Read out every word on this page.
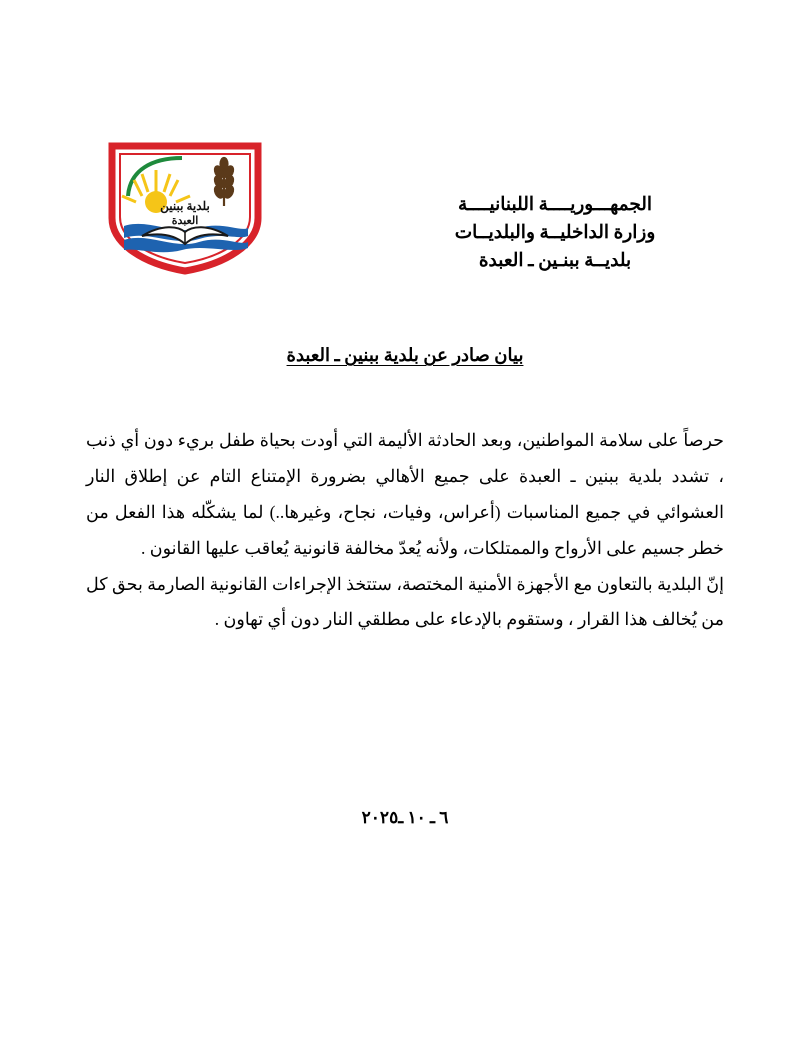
بلدية ببنين
العبدة
الجمهـــوريــــة اللبنانيــــة
وزارة الداخليــة والبلديــات
بلديــة ببنـين ـ العبدة
بيان صادر عن بلدية ببنين ـ العبدة

حرصاً على سلامة المواطنين، وبعد الحادثة الأليمة التي أودت بحياة طفل بريء دون أي ذنب ، تشدد بلدية ببنين ـ العبدة على جميع الأهالي بضرورة الإمتناع التام عن إطلاق النار العشوائي في جميع المناسبات (أعراس، وفيات، نجاح، وغيرها..) لما يشكّله هذا الفعل من خطر جسيم على الأرواح والممتلكات، ولأنه يُعدّ مخالفة قانونية يُعاقب عليها القانون .

إنّ البلدية بالتعاون مع الأجهزة الأمنية المختصة، ستتخذ الإجراءات القانونية الصارمة بحق كل من يُخالف هذا القرار ، وستقوم بالإدعاء على مطلقي النار دون أي تهاون .

٦ ـ ١٠ ـ٢٠٢٥
